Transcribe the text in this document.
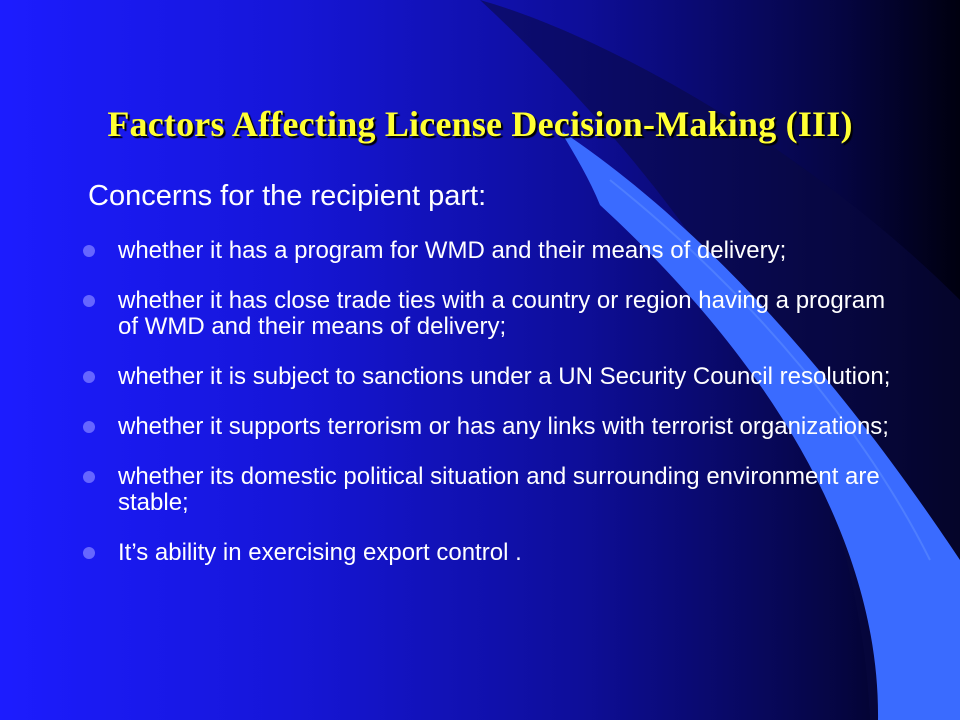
Factors Affecting License Decision-Making (III)
Concerns for the recipient part:
whether it has a program for WMD and their means of delivery;
whether it has close trade ties with a country or region having a program of WMD and their means of delivery;
whether it is subject to sanctions under a UN Security Council resolution;
whether it supports terrorism or has any links with terrorist organizations;
whether its domestic political situation and surrounding environment are stable;
It’s ability in exercising export control .
